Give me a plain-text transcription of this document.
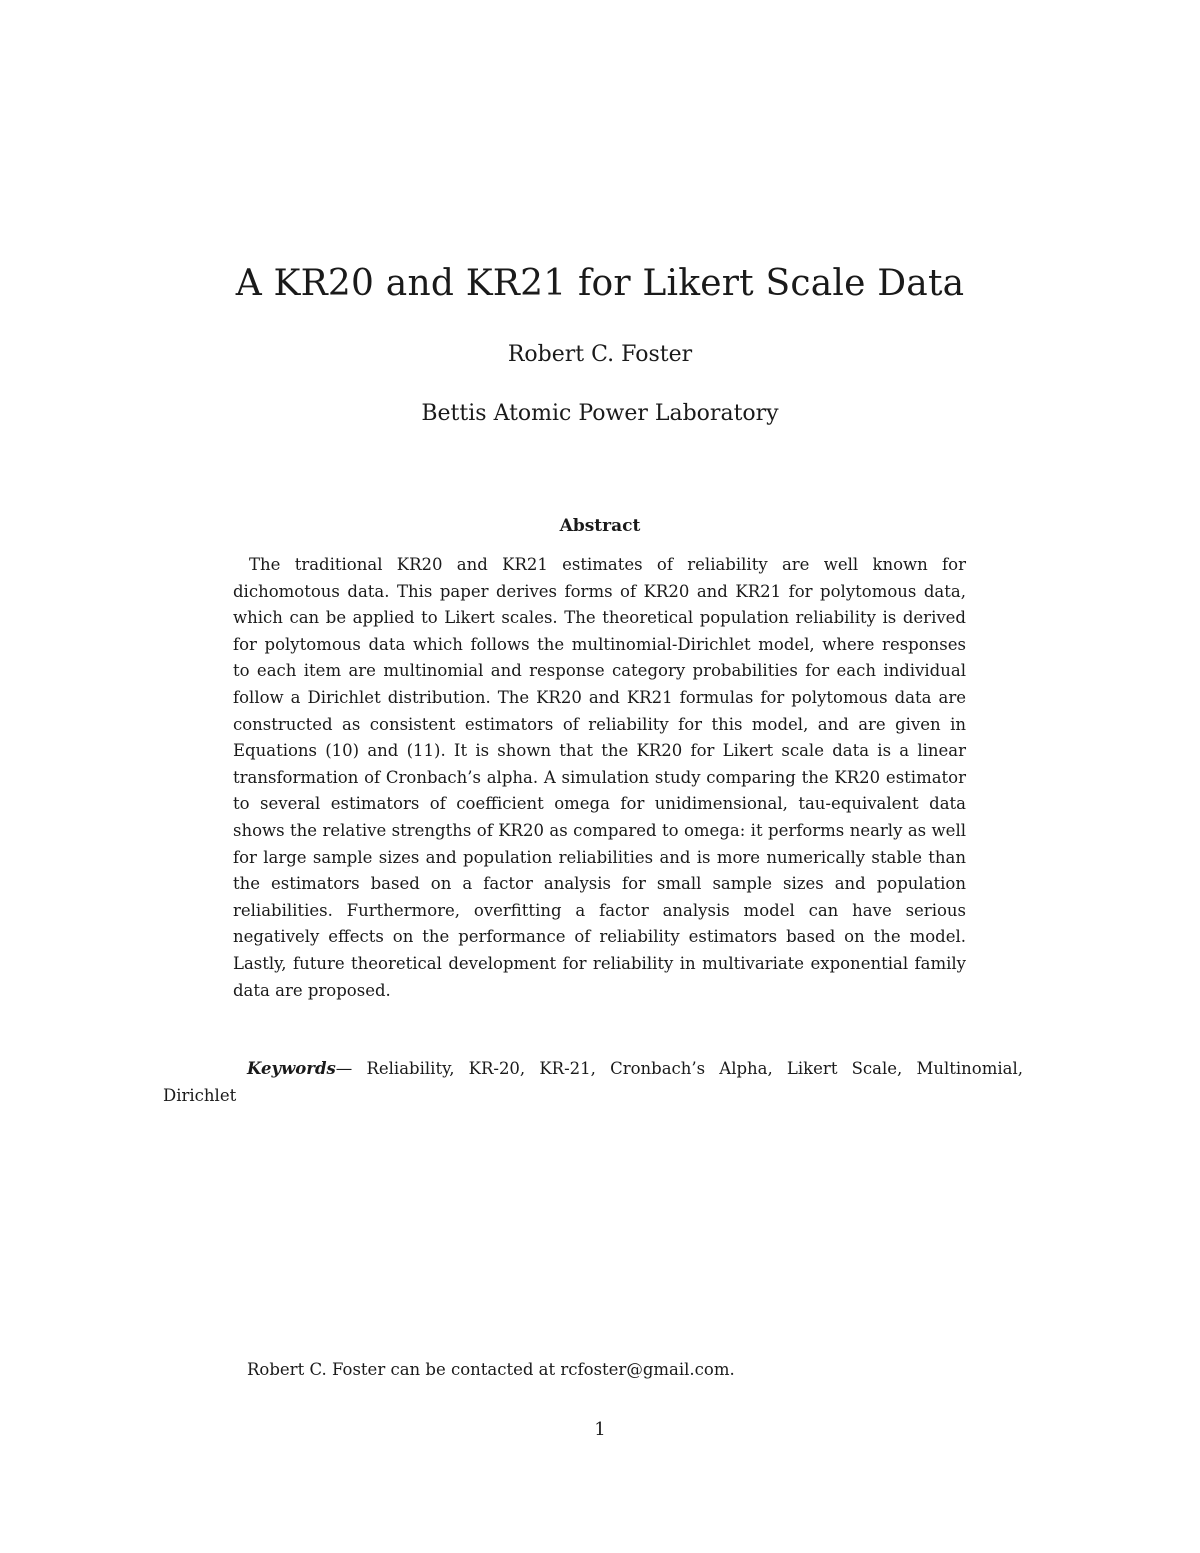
A KR20 and KR21 for Likert Scale Data
Robert C. Foster
Bettis Atomic Power Laboratory
Abstract

The traditional KR20 and KR21 estimates of reliability are well known for dichomotous data. This paper derives forms of KR20 and KR21 for polytomous data, which can be applied to Likert scales. The theoretical population reliability is derived for polytomous data which follows the multinomial-Dirichlet model, where responses to each item are multinomial and response category probabilities for each individual follow a Dirichlet distribution. The KR20 and KR21 formulas for polytomous data are constructed as consistent estimators of reliability for this model, and are given in Equations (10) and (11). It is shown that the KR20 for Likert scale data is a linear transformation of Cronbach’s alpha. A simulation study comparing the KR20 estimator to several estimators of coefficient omega for unidimensional, tau-equivalent data shows the relative strengths of KR20 as compared to omega: it performs nearly as well for large sample sizes and population reliabilities and is more numerically stable than the estimators based on a factor analysis for small sample sizes and population reliabilities. Furthermore, overfitting a factor analysis model can have serious negatively effects on the performance of reliability estimators based on the model. Lastly, future theoretical development for reliability in multivariate exponential family data are proposed.

Keywords— Reliability, KR-20, KR-21, Cronbach’s Alpha, Likert Scale, Multinomial, Dirichlet

Robert C. Foster can be contacted at rcfoster@gmail.com.
1
